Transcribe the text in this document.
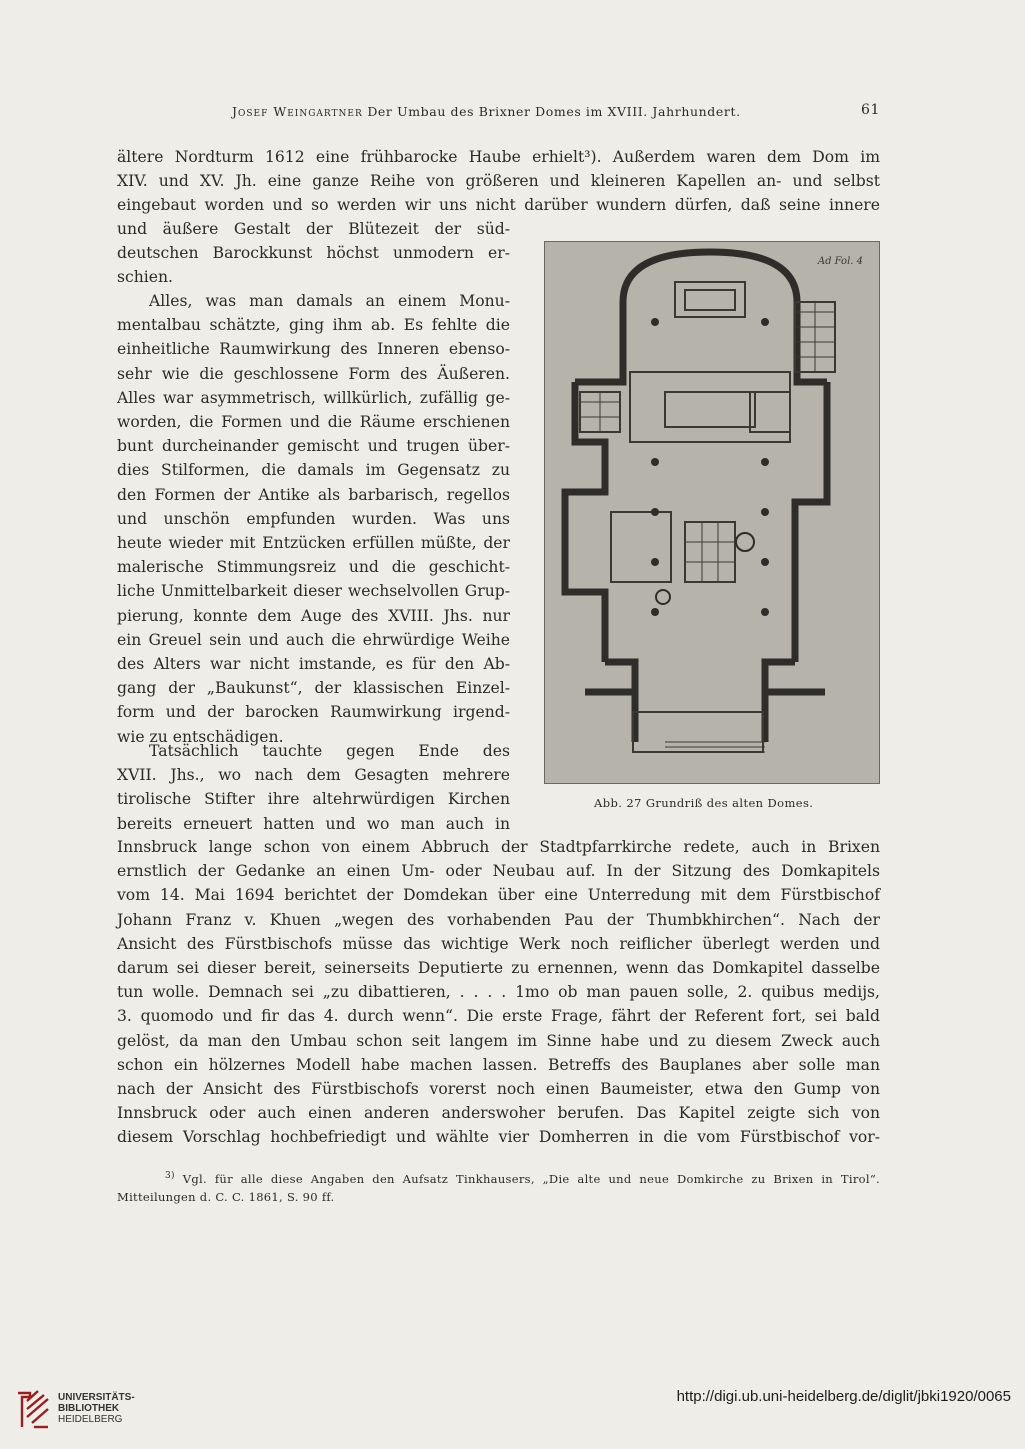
Josef Weingartner Der Umbau des Brixner Domes im XVIII. Jahrhundert.	61
ältere Nordturm 1612 eine frühbarocke Haube erhielt³). Außerdem waren dem Dom im
XIV. und XV. Jh. eine ganze Reihe von größeren und kleineren Kapellen an- und selbst
eingebaut worden und so werden wir uns nicht darüber wundern dürfen, daß seine innere
und äußere Gestalt der Blütezeit der süd-
deutschen Barockkunst höchst unmodern er-
schien.
Alles, was man damals an einem Monu-
mentalbau schätzte, ging ihm ab. Es fehlte die
einheitliche Raumwirkung des Inneren ebenso-
sehr wie die geschlossene Form des Äußeren.
Alles war asymmetrisch, willkürlich, zufällig ge-
worden, die Formen und die Räume erschienen
bunt durcheinander gemischt und trugen über-
dies Stilformen, die damals im Gegensatz zu
den Formen der Antike als barbarisch, regellos
und unschön empfunden wurden. Was uns
heute wieder mit Entzücken erfüllen müßte, der
malerische Stimmungsreiz und die geschicht-
liche Unmittelbarkeit dieser wechselvollen Grup-
pierung, konnte dem Auge des XVIII. Jhs. nur
ein Greuel sein und auch die ehrwürdige Weihe
des Alters war nicht imstande, es für den Ab-
gang der „Baukunst“, der klassischen Einzel-
form und der barocken Raumwirkung irgend-
wie zu entschädigen.
Tatsächlich tauchte gegen Ende des
XVII. Jhs., wo nach dem Gesagten mehrere
tirolische Stifter ihre altehrwürdigen Kirchen
bereits erneuert hatten und wo man auch in
Innsbruck lange schon von einem Abbruch der Stadtpfarrkirche redete, auch in Brixen
ernstlich der Gedanke an einen Um- oder Neubau auf. In der Sitzung des Domkapitels
vom 14. Mai 1694 berichtet der Domdekan über eine Unterredung mit dem Fürstbischof
Johann Franz v. Khuen „wegen des vorhabenden Pau der Thumbkhirchen“. Nach der
Ansicht des Fürstbischofs müsse das wichtige Werk noch reiflicher überlegt werden und
darum sei dieser bereit, seinerseits Deputierte zu ernennen, wenn das Domkapitel dasselbe
tun wolle. Demnach sei „zu dibattieren, . . . . 1mo ob man pauen solle, 2. quibus medijs,
3. quomodo und fir das 4. durch wenn“. Die erste Frage, fährt der Referent fort, sei bald
gelöst, da man den Umbau schon seit langem im Sinne habe und zu diesem Zweck auch
schon ein hölzernes Modell habe machen lassen. Betreffs des Bauplanes aber solle man
nach der Ansicht des Fürstbischofs vorerst noch einen Baumeister, etwa den Gump von
Innsbruck oder auch einen anderen anderswoher berufen. Das Kapitel zeigte sich von
diesem Vorschlag hochbefriedigt und wählte vier Domherren in die vom Fürstbischof vor-
Ad Fol. 4
Abb. 27 Grundriß des alten Domes.
$^{3)}$ Vgl. für alle diese Angaben den Aufsatz Tinkhausers, „Die alte und neue Domkirche zu Brixen in Tirol“.
Mitteilungen d. C. C. 1861, S. 90 ff.
UNIVERSITÄTS-
BIBLIOTHEK
HEIDELBERG
http://digi.ub.uni-heidelberg.de/diglit/jbki1920/0065
